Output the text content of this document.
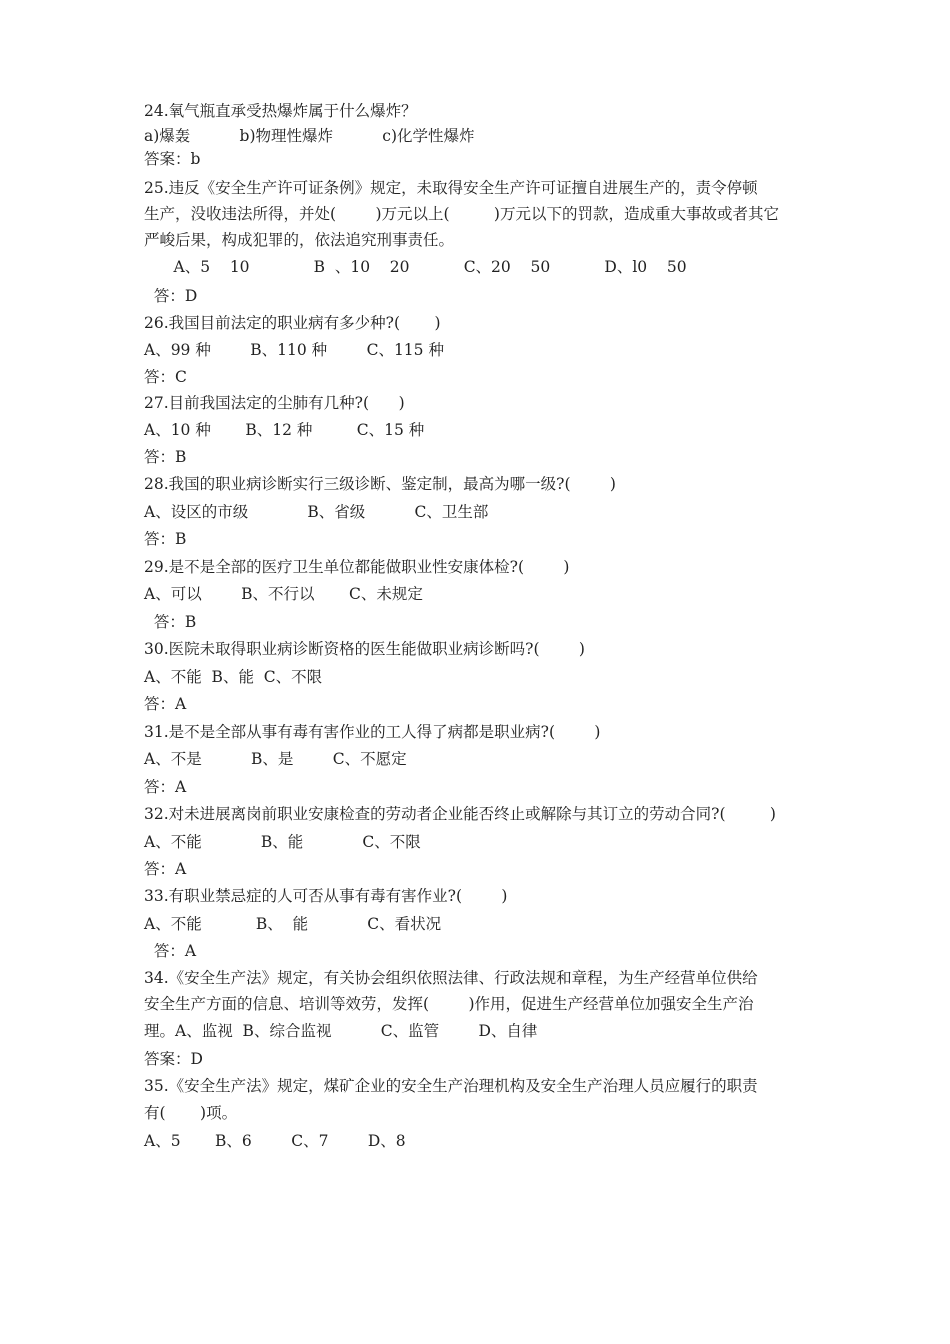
24.氧气瓶直承受热爆炸属于什么爆炸？

a)爆轰          b)物理性爆炸          c)化学性爆炸

答案：b

25.违反《安全生产许可证条例》规定，未取得安全生产许可证擅自进展生产的，责令停顿

生产，没收违法所得，并处(        )万元以上(         )万元以下的罚款，造成重大事故或者其它

严峻后果，构成犯罪的，依法追究刑事责任。

A、5    10             B  、10    20           C、20    50           D、l0    50

答：D

26.我国目前法定的职业病有多少种?(       )

A、99 种        B、110 种        C、115 种

答：C

27.目前我国法定的尘肺有几种?(      )

A、10 种       B、12 种         C、15 种

答：B

28.我国的职业病诊断实行三级诊断、鉴定制，最高为哪一级?(        )

A、设区的市级            B、省级          C、卫生部

答：B

29.是不是全部的医疗卫生单位都能做职业性安康体检?(        )

A、可以        B、不行以       C、未规定

答：B

30.医院未取得职业病诊断资格的医生能做职业病诊断吗?(        )

A、不能  B、能  C、不限

答：A

31.是不是全部从事有毒有害作业的工人得了病都是职业病?(        )

A、不是          B、是        C、不愿定

答：A

32.对未进展离岗前职业安康检查的劳动者企业能否终止或解除与其订立的劳动合同?(         )

A、不能            B、能            C、不限

答：A

33.有职业禁忌症的人可否从事有毒有害作业?(        )

A、不能           B、  能            C、看状况

答：A

34.《安全生产法》规定，有关协会组织依照法律、行政法规和章程，为生产经营单位供给

安全生产方面的信息、培训等效劳，发挥(        )作用，促进生产经营单位加强安全生产治

理。A、监视  B、综合监视          C、监管        D、自律

答案：D

35.《安全生产法》规定，煤矿企业的安全生产治理机构及安全生产治理人员应履行的职责

有(       )项。

A、5       B、6        C、7        D、8
